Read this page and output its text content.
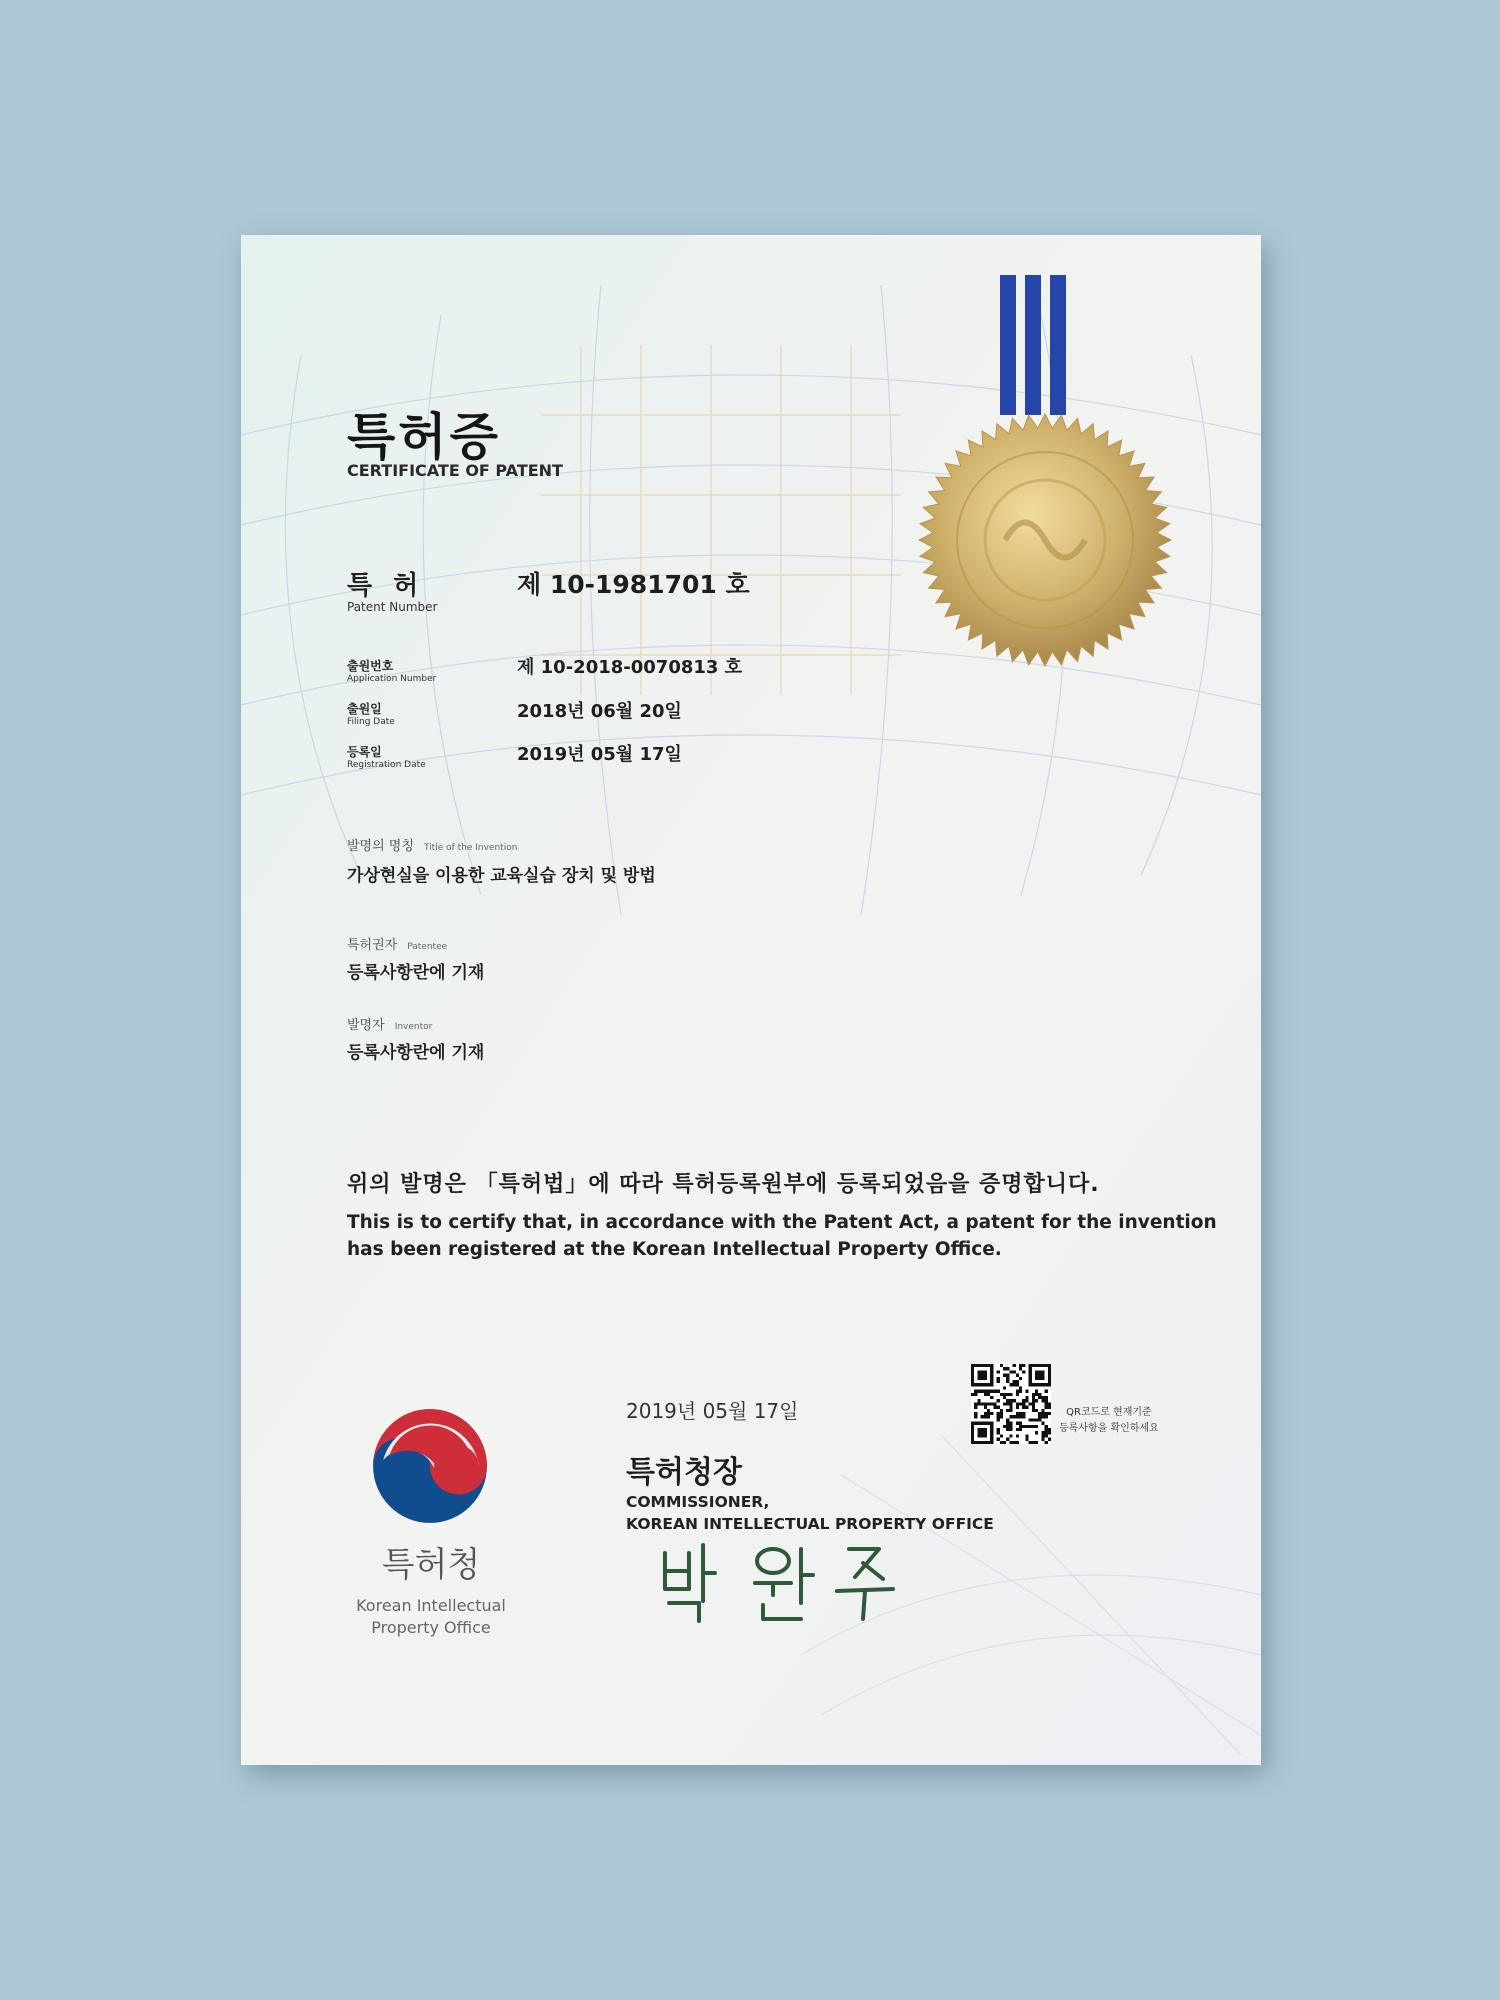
특허증
CERTIFICATE OF PATENT
특 허
Patent Number
제 10-1981701 호
출원번호
Application Number
제 10-2018-0070813 호
출원일
Filing Date	2018년 06월 20일
등록일
Registration Date	2019년 05월 17일
발명의 명칭 Title of the Invention
가상현실을 이용한 교육실습 장치 및 방법
특허권자 Patentee
등록사항란에 기재
발명자 Inventor
등록사항란에 기재
위의 발명은 「특허법」에 따라 특허등록원부에 등록되었음을 증명합니다.
This is to certify that, in accordance with the Patent Act, a patent for the invention
has been registered at the Korean Intellectual Property Office.
2019년 05월 17일
특허청장
COMMISSIONER,
KOREAN INTELLECTUAL PROPERTY OFFICE
QR코드로 현재기준
등록사항을 확인하세요
특허청
Korean Intellectual
Property Office
